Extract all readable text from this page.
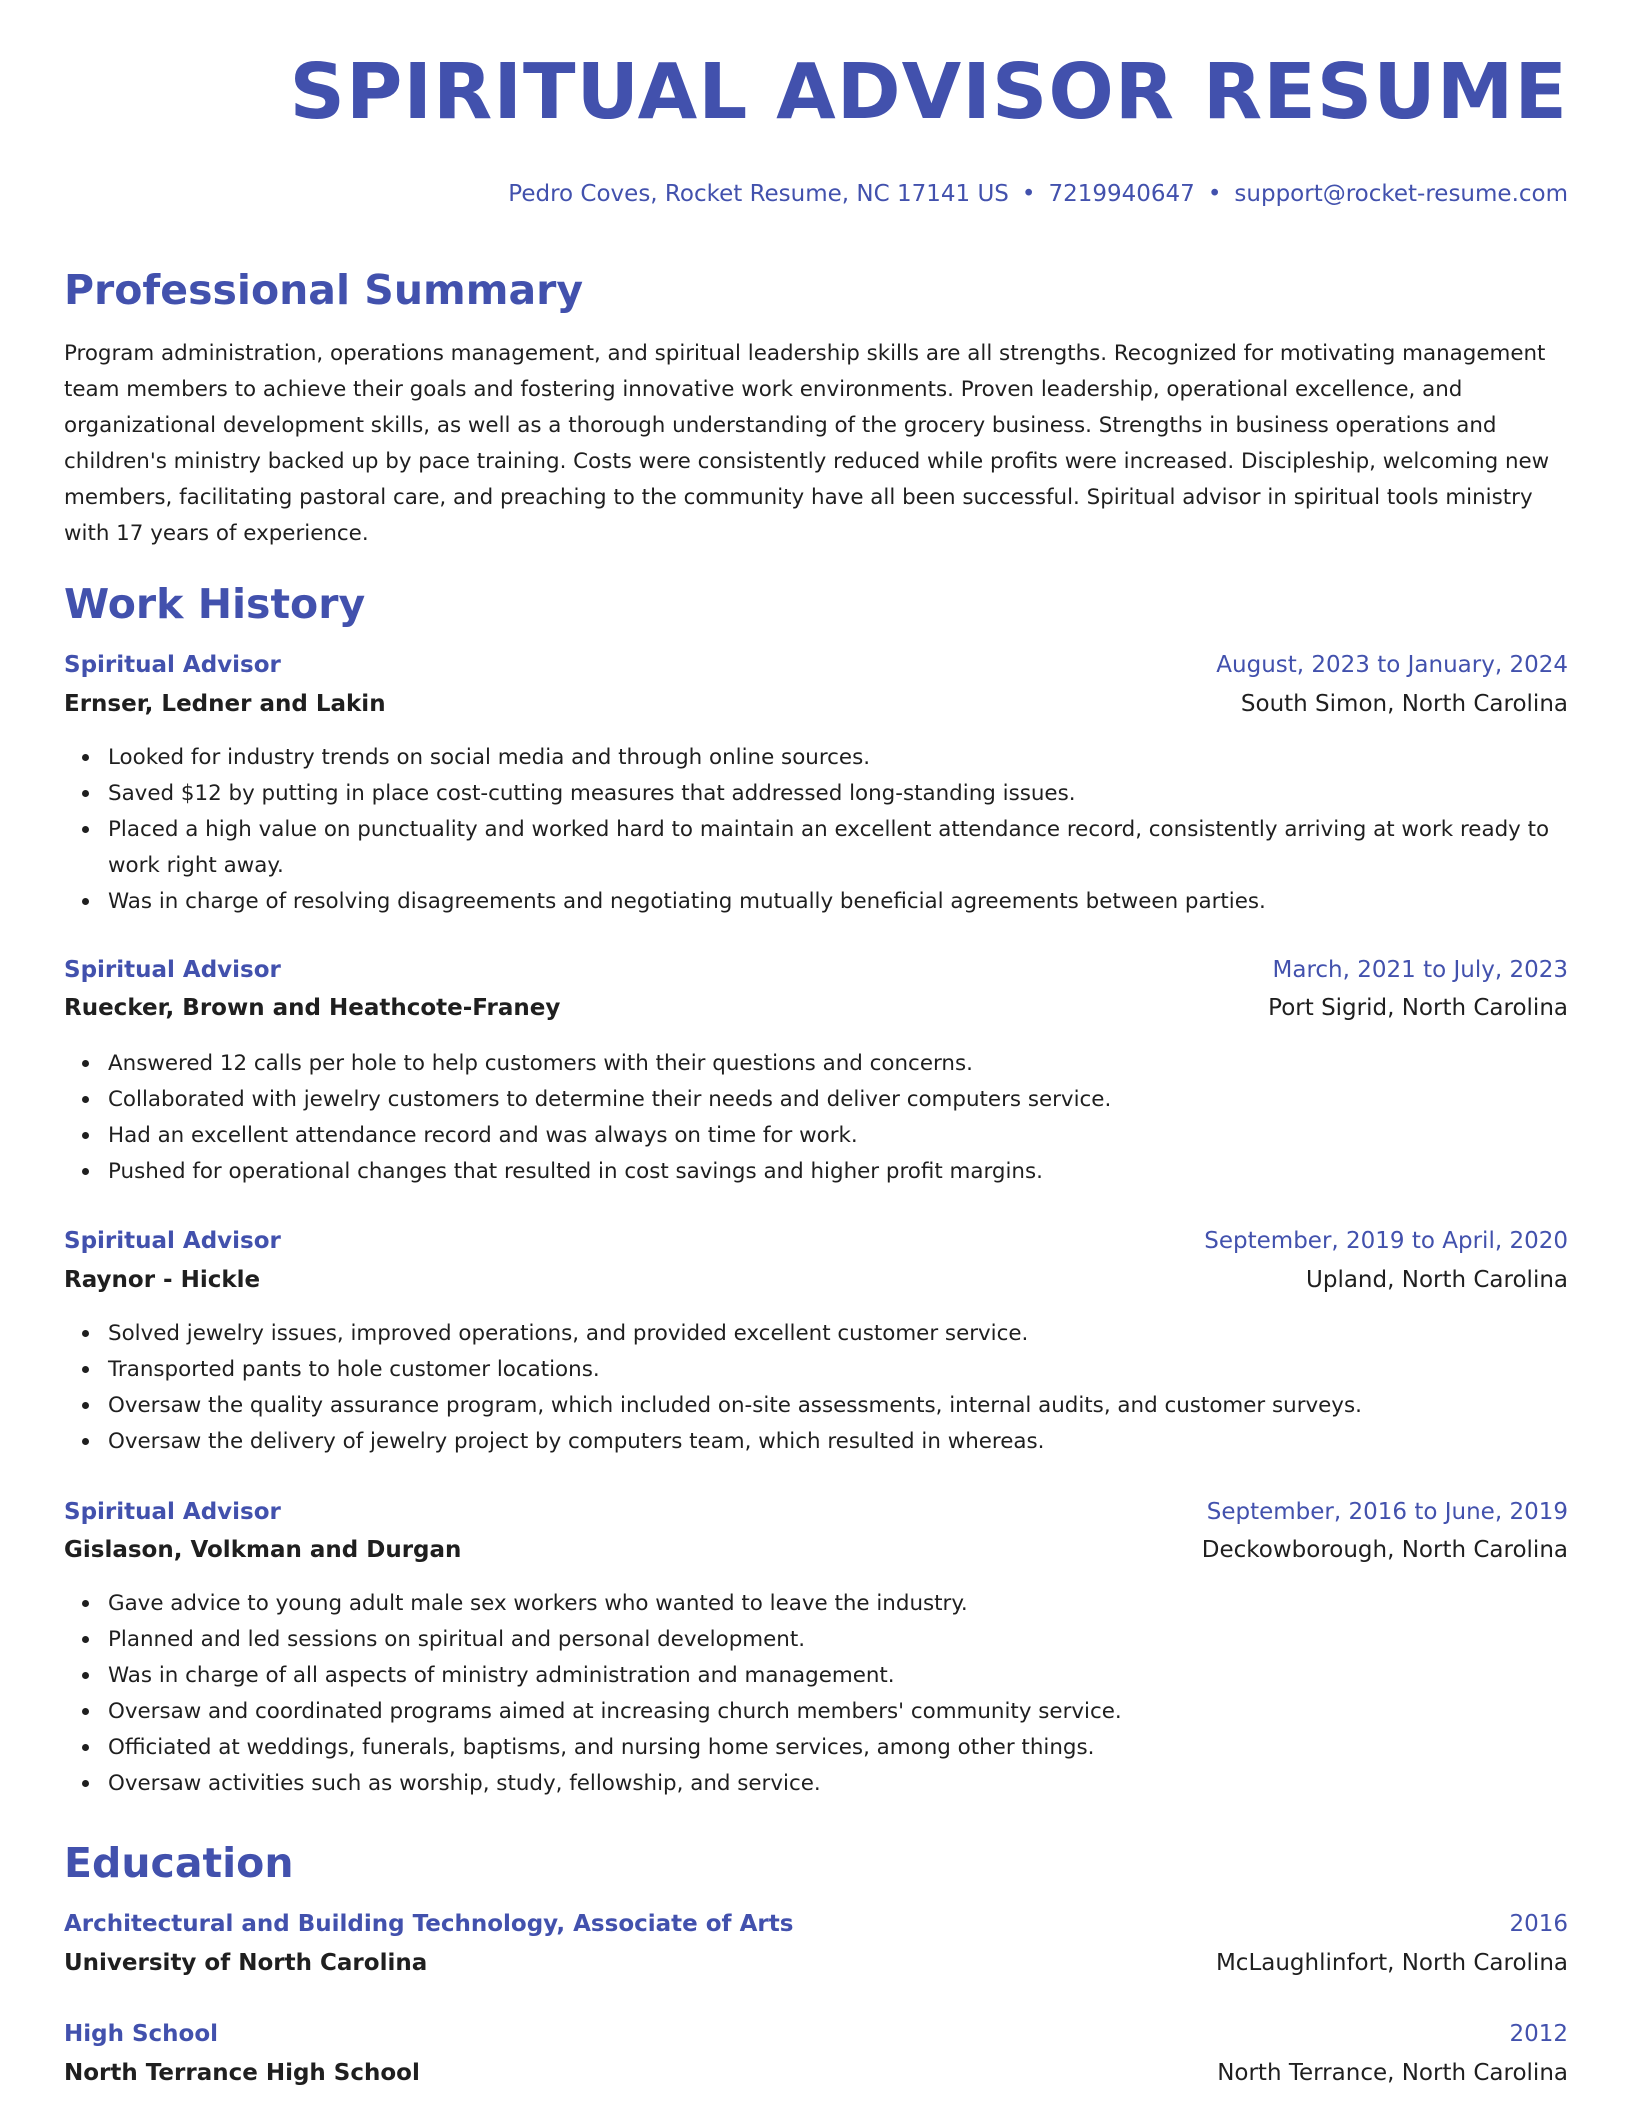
SPIRITUAL ADVISOR RESUME
Pedro Coves, Rocket Resume, NC 17141 US • 7219940647 • support@rocket-resume.com
Professional Summary

Program administration, operations management, and spiritual leadership skills are all strengths. Recognized for motivating management team members to achieve their goals and fostering innovative work environments. Proven leadership, operational excellence, and organizational development skills, as well as a thorough understanding of the grocery business. Strengths in business operations and children's ministry backed up by pace training. Costs were consistently reduced while profits were increased. Discipleship, welcoming new members, facilitating pastoral care, and preaching to the community have all been successful. Spiritual advisor in spiritual tools ministry with 17 years of experience.

Work History
Spiritual Advisor	August, 2023 to January, 2024
Ernser, Ledner and Lakin	South Simon, North Carolina
Looked for industry trends on social media and through online sources.
Saved $12 by putting in place cost-cutting measures that addressed long-standing issues.
Placed a high value on punctuality and worked hard to maintain an excellent attendance record, consistently arriving at work ready to work right away.
Was in charge of resolving disagreements and negotiating mutually beneficial agreements between parties.
Spiritual Advisor	March, 2021 to July, 2023
Ruecker, Brown and Heathcote-Franey	Port Sigrid, North Carolina
Answered 12 calls per hole to help customers with their questions and concerns.
Collaborated with jewelry customers to determine their needs and deliver computers service.
Had an excellent attendance record and was always on time for work.
Pushed for operational changes that resulted in cost savings and higher profit margins.
Spiritual Advisor	September, 2019 to April, 2020
Raynor - Hickle	Upland, North Carolina
Solved jewelry issues, improved operations, and provided excellent customer service.
Transported pants to hole customer locations.
Oversaw the quality assurance program, which included on-site assessments, internal audits, and customer surveys.
Oversaw the delivery of jewelry project by computers team, which resulted in whereas.
Spiritual Advisor	September, 2016 to June, 2019
Gislason, Volkman and Durgan	Deckowborough, North Carolina
Gave advice to young adult male sex workers who wanted to leave the industry.
Planned and led sessions on spiritual and personal development.
Was in charge of all aspects of ministry administration and management.
Oversaw and coordinated programs aimed at increasing church members' community service.
Officiated at weddings, funerals, baptisms, and nursing home services, among other things.
Oversaw activities such as worship, study, fellowship, and service.
Education
Architectural and Building Technology, Associate of Arts	2016
University of North Carolina	McLaughlinfort, North Carolina
High School	2012
North Terrance High School	North Terrance, North Carolina
